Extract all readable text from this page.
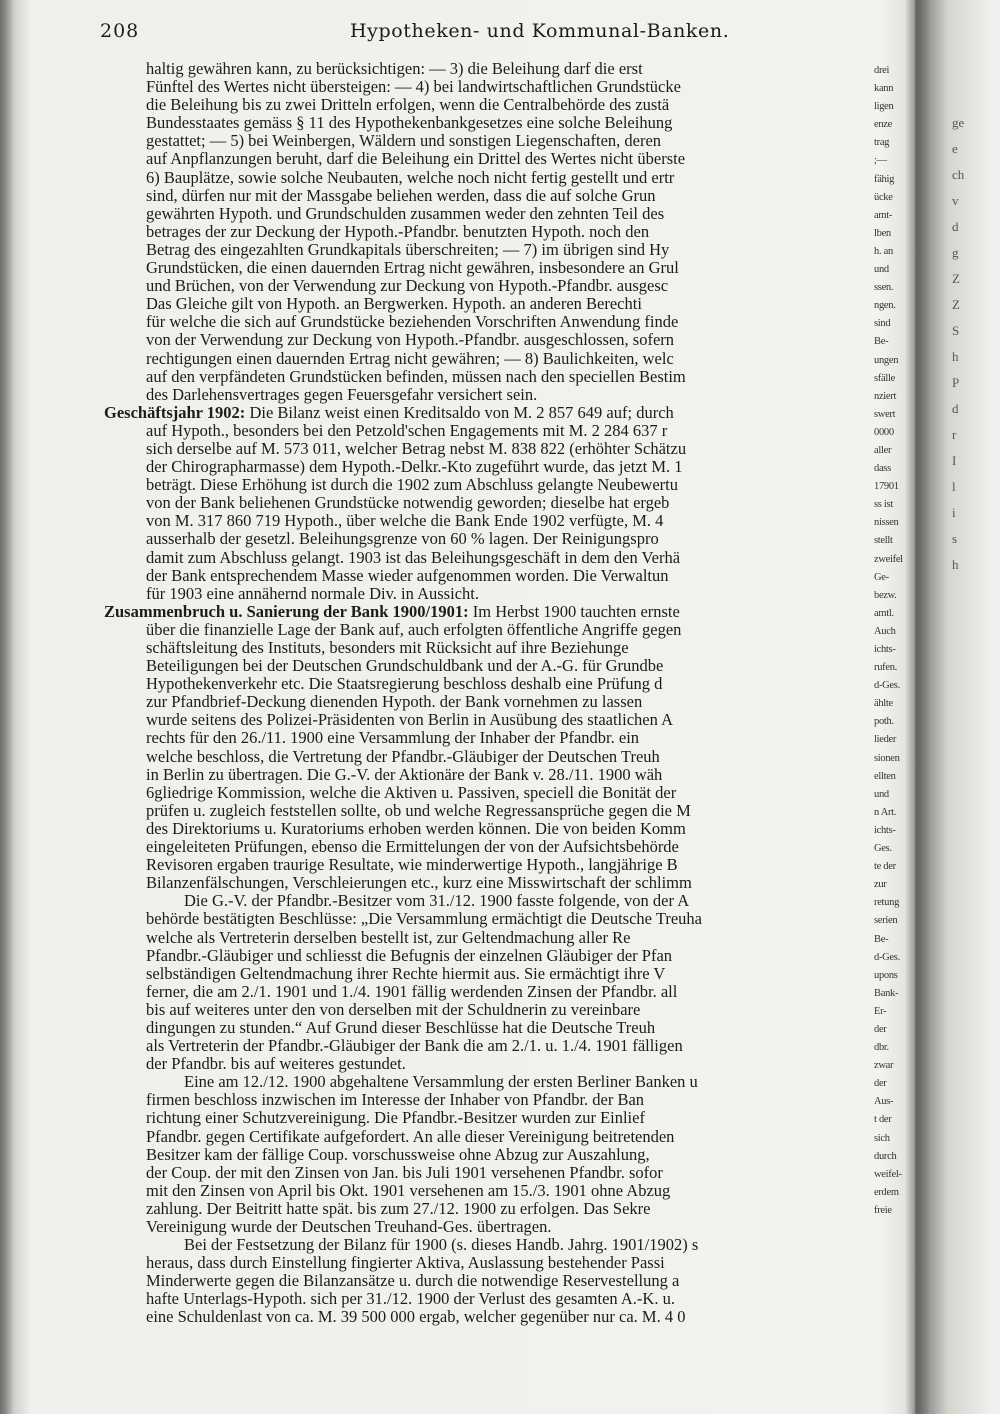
208	Hypotheken- und Kommunal-Banken.
haltig gewähren kann, zu berücksichtigen: — 3) die Beleihung darf die erst
Fünftel des Wertes nicht übersteigen: — 4) bei landwirtschaftlichen Grundstücke
die Beleihung bis zu zwei Dritteln erfolgen, wenn die Centralbehörde des zustä
Bundesstaates gemäss § 11 des Hypothekenbankgesetzes eine solche Beleihung
gestattet; — 5) bei Weinbergen, Wäldern und sonstigen Liegenschaften, deren
auf Anpflanzungen beruht, darf die Beleihung ein Drittel des Wertes nicht überste
6) Bauplätze, sowie solche Neubauten, welche noch nicht fertig gestellt und ertr
sind, dürfen nur mit der Massgabe beliehen werden, dass die auf solche Grun
gewährten Hypoth. und Grundschulden zusammen weder den zehnten Teil des
betrages der zur Deckung der Hypoth.-Pfandbr. benutzten Hypoth. noch den
Betrag des eingezahlten Grundkapitals überschreiten; — 7) im übrigen sind Hy
Grundstücken, die einen dauernden Ertrag nicht gewähren, insbesondere an Grul
und Brüchen, von der Verwendung zur Deckung von Hypoth.-Pfandbr. ausgesc
Das Gleiche gilt von Hypoth. an Bergwerken. Hypoth. an anderen Berechti
für welche die sich auf Grundstücke beziehenden Vorschriften Anwendung finde
von der Verwendung zur Deckung von Hypoth.-Pfandbr. ausgeschlossen, sofern
rechtigungen einen dauernden Ertrag nicht gewähren; — 8) Baulichkeiten, welc
auf den verpfändeten Grundstücken befinden, müssen nach den speciellen Bestim
des Darlehensvertrages gegen Feuersgefahr versichert sein.
Geschäftsjahr 1902: Die Bilanz weist einen Kreditsaldo von M. 2 857 649 auf; durch
auf Hypoth., besonders bei den Petzold'schen Engagements mit M. 2 284 637 r
sich derselbe auf M. 573 011, welcher Betrag nebst M. 838 822 (erhöhter Schätzu
der Chirographarmasse) dem Hypoth.-Delkr.-Kto zugeführt wurde, das jetzt M. 1
beträgt. Diese Erhöhung ist durch die 1902 zum Abschluss gelangte Neubewertu
von der Bank beliehenen Grundstücke notwendig geworden; dieselbe hat ergeb
von M. 317 860 719 Hypoth., über welche die Bank Ende 1902 verfügte, M. 4
ausserhalb der gesetzl. Beleihungsgrenze von 60 % lagen. Der Reinigungspro
damit zum Abschluss gelangt. 1903 ist das Beleihungsgeschäft in dem den Verhä
der Bank entsprechendem Masse wieder aufgenommen worden. Die Verwaltun
für 1903 eine annähernd normale Div. in Aussicht.
Zusammenbruch u. Sanierung der Bank 1900/1901: Im Herbst 1900 tauchten ernste
über die finanzielle Lage der Bank auf, auch erfolgten öffentliche Angriffe gegen
schäftsleitung des Instituts, besonders mit Rücksicht auf ihre Beziehunge
Beteiligungen bei der Deutschen Grundschuldbank und der A.-G. für Grundbe
Hypothekenverkehr etc. Die Staatsregierung beschloss deshalb eine Prüfung d
zur Pfandbrief-Deckung dienenden Hypoth. der Bank vornehmen zu lassen
wurde seitens des Polizei-Präsidenten von Berlin in Ausübung des staatlichen A
rechts für den 26./11. 1900 eine Versammlung der Inhaber der Pfandbr. ein
welche beschloss, die Vertretung der Pfandbr.-Gläubiger der Deutschen Treuh
in Berlin zu übertragen. Die G.-V. der Aktionäre der Bank v. 28./11. 1900 wäh
6gliedrige Kommission, welche die Aktiven u. Passiven, speciell die Bonität der
prüfen u. zugleich feststellen sollte, ob und welche Regressansprüche gegen die M
des Direktoriums u. Kuratoriums erhoben werden können. Die von beiden Komm
eingeleiteten Prüfungen, ebenso die Ermittelungen der von der Aufsichtsbehörde
Revisoren ergaben traurige Resultate, wie minderwertige Hypoth., langjährige B
Bilanzenfälschungen, Verschleierungen etc., kurz eine Misswirtschaft der schlimm
Die G.-V. der Pfandbr.-Besitzer vom 31./12. 1900 fasste folgende, von der A
behörde bestätigten Beschlüsse: „Die Versammlung ermächtigt die Deutsche Treuha
welche als Vertreterin derselben bestellt ist, zur Geltendmachung aller Re
Pfandbr.-Gläubiger und schliesst die Befugnis der einzelnen Gläubiger der Pfan
selbständigen Geltendmachung ihrer Rechte hiermit aus. Sie ermächtigt ihre V
ferner, die am 2./1. 1901 und 1./4. 1901 fällig werdenden Zinsen der Pfandbr. all
bis auf weiteres unter den von derselben mit der Schuldnerin zu vereinbare
dingungen zu stunden.“ Auf Grund dieser Beschlüsse hat die Deutsche Treuh
als Vertreterin der Pfandbr.-Gläubiger der Bank die am 2./1. u. 1./4. 1901 fälligen
der Pfandbr. bis auf weiteres gestundet.
Eine am 12./12. 1900 abgehaltene Versammlung der ersten Berliner Banken u
firmen beschloss inzwischen im Interesse der Inhaber von Pfandbr. der Ban
richtung einer Schutzvereinigung. Die Pfandbr.-Besitzer wurden zur Einlief
Pfandbr. gegen Certifikate aufgefordert. An alle dieser Vereinigung beitretenden
Besitzer kam der fällige Coup. vorschussweise ohne Abzug zur Auszahlung,
der Coup. der mit den Zinsen von Jan. bis Juli 1901 versehenen Pfandbr. sofor
mit den Zinsen von April bis Okt. 1901 versehenen am 15./3. 1901 ohne Abzug
zahlung. Der Beitritt hatte spät. bis zum 27./12. 1900 zu erfolgen. Das Sekre
Vereinigung wurde der Deutschen Treuhand-Ges. übertragen.
Bei der Festsetzung der Bilanz für 1900 (s. dieses Handb. Jahrg. 1901/1902) s
heraus, dass durch Einstellung fingierter Aktiva, Auslassung bestehender Passi
Minderwerte gegen die Bilanzansätze u. durch die notwendige Reservestellung a
hafte Unterlags-Hypoth. sich per 31./12. 1900 der Verlust des gesamten A.-K. u.
eine Schuldenlast von ca. M. 39 500 000 ergab, welcher gegenüber nur ca. M. 4 0
drei
kann
ligen
enze
trag
;—
fähig
ücke
amt-
lben
h. an
und
ssen.
ngen.
sind
Be-
ungen
sfälle
nziert
swert
0000
aller
dass
17901
ss ist
nissen
stellt
zweifel
Ge-
bezw.
amtl.
Auch
ichts-
rufen.
d-Ges.
ählte
poth.
lieder
sionen
ellten
und
n Art.
ichts-
Ges.
te der
zur
retung
serien
Be-
d-Ges.
upons
Bank-
Er-
der
dbr.
zwar
der
Aus-
t der
sich
durch
weifel-
erdem
freie
ge
e
ch
v
d
g
Z
Z
S
h
P
d
r
I
l
i
s
h
